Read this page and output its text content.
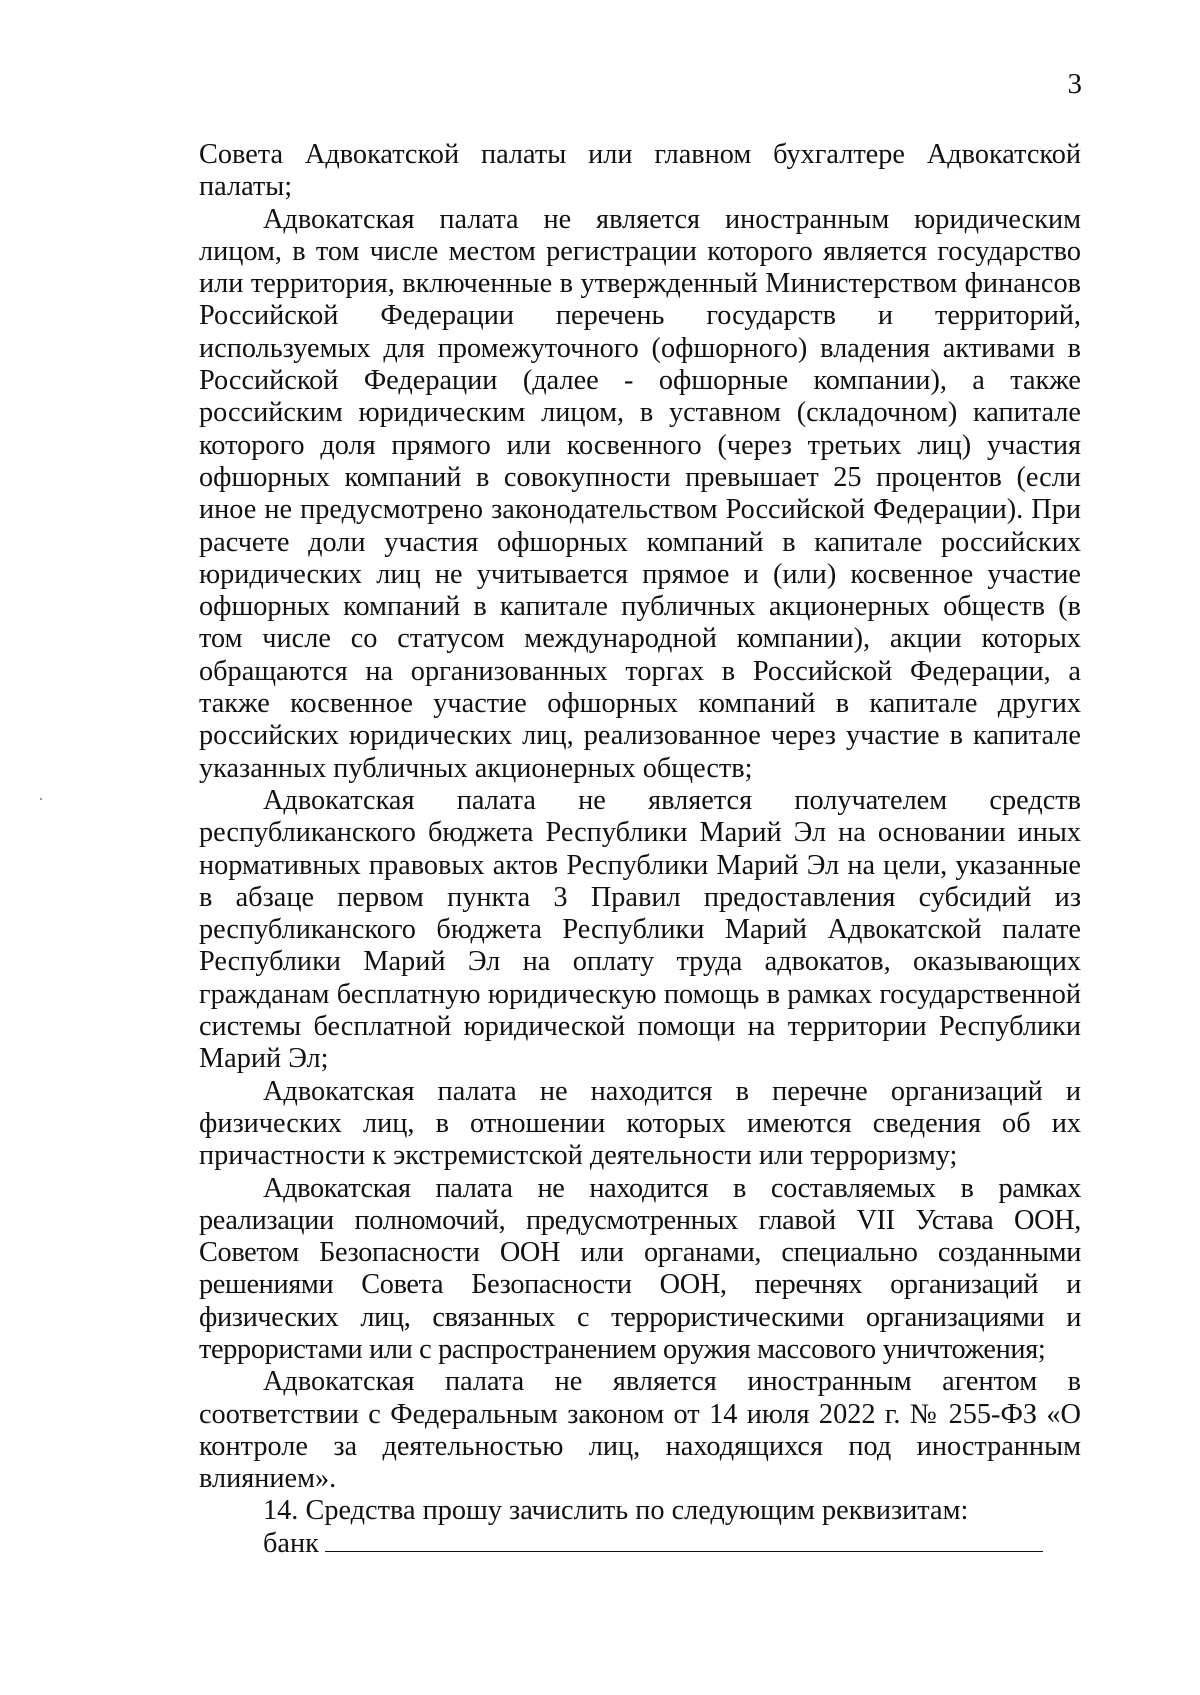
3

Совета Адвокатской палаты или главном бухгалтере Адвокатской палаты;

Адвокатская палата не является иностранным юридическим лицом, в том числе местом регистрации которого является государство или территория, включенные в утвержденный Министерством финансов Российской Федерации перечень государств и территорий, используемых для промежуточного (офшорного) владения активами в Российской Федерации (далее - офшорные компании), а также российским юридическим лицом, в уставном (складочном) капитале которого доля прямого или косвенного (через третьих лиц) участия офшорных компаний в совокупности превышает 25 процентов (если иное не предусмотрено законодательством Российской Федерации). При расчете доли участия офшорных компаний в капитале российских юридических лиц не учитывается прямое и (или) косвенное участие офшорных компаний в капитале публичных акционерных обществ (в том числе со статусом международной компании), акции которых обращаются на организованных торгах в Российской Федерации, а также косвенное участие офшорных компаний в капитале других российских юридических лиц, реализованное через участие в капитале указанных публичных акционерных обществ;

Адвокатская палата не является получателем средств республиканского бюджета Республики Марий Эл на основании иных нормативных правовых актов Республики Марий Эл на цели, указанные в абзаце первом пункта 3 Правил предоставления субсидий из республиканского бюджета Республики Марий Адвокатской палате Республики Марий Эл на оплату труда адвокатов, оказывающих гражданам бесплатную юридическую помощь в рамках государственной системы бесплатной юридической помощи на территории Республики Марий Эл;

Адвокатская палата не находится в перечне организаций и физических лиц, в отношении которых имеются сведения об их причастности к экстремистской деятельности или терроризму;

Адвокатская палата не находится в составляемых в рамках реализации полномочий, предусмотренных главой VII Устава ООН, Советом Безопасности ООН или органами, специально созданными решениями Совета Безопасности ООН, перечнях организаций и физических лиц, связанных с террористическими организациями и террористами или с распространением оружия массового уничтожения;

Адвокатская палата не является иностранным агентом в соответствии с Федеральным законом от 14 июля 2022 г. № 255-ФЗ «О контроле за деятельностью лиц, находящихся под иностранным влиянием».

14. Средства прошу зачислить по следующим реквизитам:

банк
